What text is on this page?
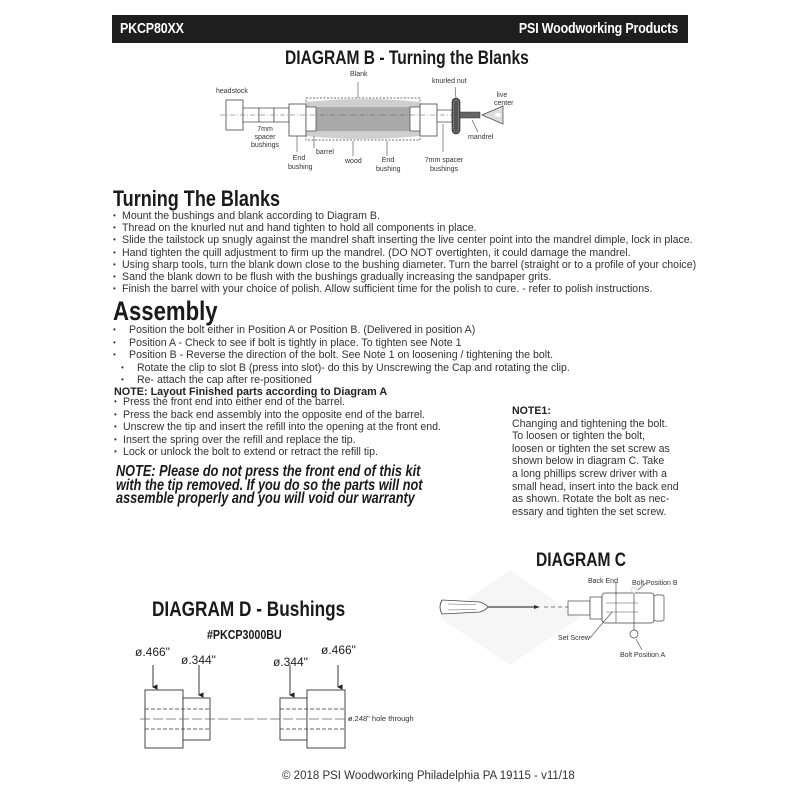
PKCP80XX	PSI Woodworking Products
DIAGRAM B - Turning the Blanks
Blank
headstock
7mm spacer bushings
End bushing
barrel
wood	End bushing
7mm spacer bushings
knurled nut
mandrel
live center
Turning The Blanks
• Mount the bushings and blank according to Diagram B.
• Thread on the knurled nut and hand tighten to hold all components in place.
• Slide the tailstock up snugly against the mandrel shaft inserting the live center point into the mandrel dimple, lock in place.
• Hand tighten the quill adjustment to firm up the mandrel. (DO NOT overtighten, it could damage the mandrel.
• Using sharp tools, turn the blank down close to the bushing diameter. Turn the barrel (straight or to a profile of your choice)
• Sand the blank down to be flush with the bushings gradually increasing the sandpaper grits.
• Finish the barrel with your choice of polish. Allow sufficient time for the polish to cure. - refer to polish instructions.
Assembly
• Position the bolt either in Position A or Position B. (Delivered in position A)
• Position A - Check to see if bolt is tightly in place. To tighten see Note 1
• Position B - Reverse the direction of the bolt. See Note 1 on loosening / tightening the bolt.
• Rotate the clip to slot B (press into slot)- do this by Unscrewing the Cap and rotating the clip.
• Re- attach the cap after re-positioned
NOTE: Layout Finished parts according to Diagram A
• Press the front end into either end of the barrel.
• Press the back end assembly into the opposite end of the barrel.
• Unscrew the tip and insert the refill into the opening at the front end.
• Insert the spring over the refill and replace the tip.
• Lock or unlock the bolt to extend or retract the refill tip.
NOTE: Please do not press the front end of this kit
with the tip removed. If you do so the parts will not
assemble properly and you will void our warranty
NOTE1:
Changing and tightening the bolt.
To loosen or tighten the bolt,
loosen or tighten the set screw as
shown below in diagram C. Take
a long phillips screw driver with a
small head, insert into the back end
as shown. Rotate the bolt as nec-
essary and tighten the set screw.
DIAGRAM C
Back End Bolt Position B
Set Screw
Bolt Position A
DIAGRAM D - Bushings
#PKCP3000BU
ø.466"
ø.344"	ø.344"
ø.466"
ø.248" hole through
© 2018 PSI Woodworking Philadelphia PA 19115 - v11/18
